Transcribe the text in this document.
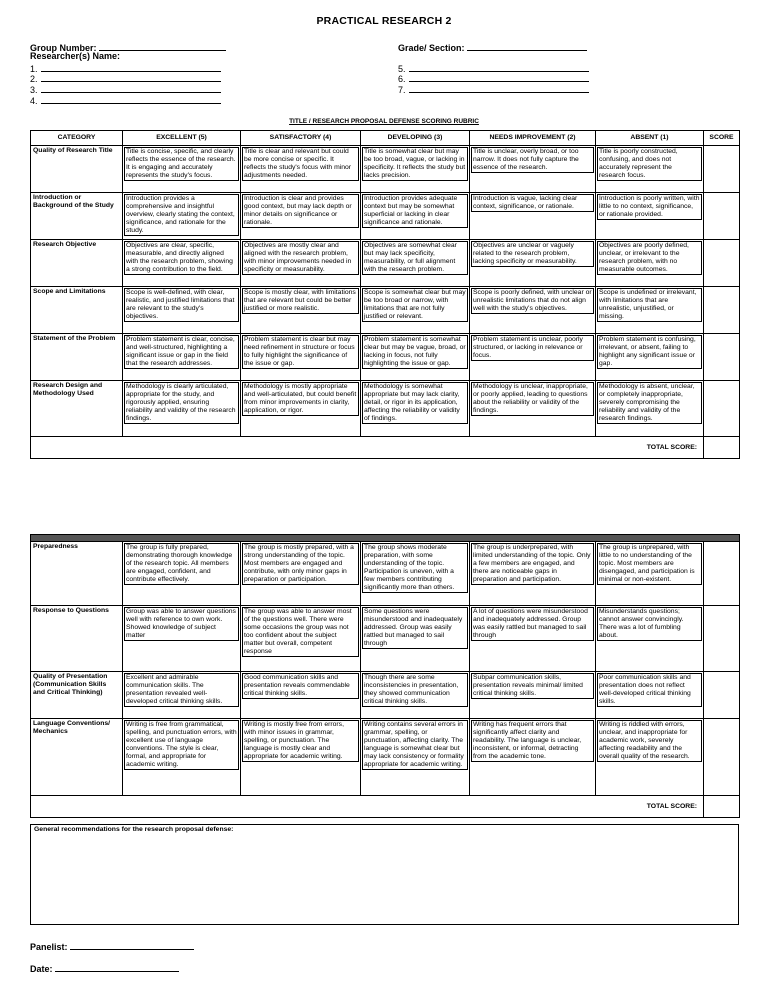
PRACTICAL RESEARCH 2
Group Number:	Grade/ Section:
Researcher(s) Name:
1.
2.
3.
4.
5.
6.
7.
TITLE / RESEARCH PROPOSAL DEFENSE SCORING RUBRIC
CATEGORY	EXCELLENT (5)	SATISFACTORY (4)	DEVELOPING (3)	NEEDS IMPROVEMENT (2)	ABSENT (1)	SCORE
Quality of Research Title	Title is concise, specific, and clearly reflects the essence of the research. It is engaging and accurately represents the study's focus.	Title is clear and relevant but could be more concise or specific. It reflects the study's focus with minor adjustments needed.	Title is somewhat clear but may be too broad, vague, or lacking in specificity. It reflects the study but lacks precision.	Title is unclear, overly broad, or too narrow. It does not fully capture the essence of the research.	Title is poorly constructed, confusing, and does not accurately represent the research focus.	

Introduction or Background of the Study	Introduction provides a comprehensive and insightful overview, clearly stating the context, significance, and rationale for the study.	Introduction is clear and provides good context, but may lack depth or minor details on significance or rationale.	Introduction provides adequate context but may be somewhat superficial or lacking in clear significance and rationale.	Introduction is vague, lacking clear context, significance, or rationale.	Introduction is poorly written, with little to no context, significance, or rationale provided.	

Research Objective	Objectives are clear, specific, measurable, and directly aligned with the research problem, showing a strong contribution to the field.	Objectives are mostly clear and aligned with the research problem, with minor improvements needed in specificity or measurability.	Objectives are somewhat clear but may lack specificity, measurability, or full alignment with the research problem.	Objectives are unclear or vaguely related to the research problem, lacking specificity or measurability.	Objectives are poorly defined, unclear, or irrelevant to the research problem, with no measurable outcomes.	

Scope and Limitations	Scope is well-defined, with clear, realistic, and justified limitations that are relevant to the study's objectives.	Scope is mostly clear, with limitations that are relevant but could be better justified or more realistic.	Scope is somewhat clear but may be too broad or narrow, with limitations that are not fully justified or relevant.	Scope is poorly defined, with unclear or unrealistic limitations that do not align well with the study's objectives.	Scope is undefined or irrelevant, with limitations that are unrealistic, unjustified, or missing.	

Statement of the Problem	Problem statement is clear, concise, and well-structured, highlighting a significant issue or gap in the field that the research addresses.	Problem statement is clear but may need refinement in structure or focus to fully highlight the significance of the issue or gap.	Problem statement is somewhat clear but may be vague, broad, or lacking in focus, not fully highlighting the issue or gap.	Problem statement is unclear, poorly structured, or lacking in relevance or focus.	Problem statement is confusing, irrelevant, or absent, failing to highlight any significant issue or gap.	

Research Design and Methodology Used	Methodology is clearly articulated, appropriate for the study, and rigorously applied, ensuring reliability and validity of the research findings.	Methodology is mostly appropriate and well-articulated, but could benefit from minor improvements in clarity, application, or rigor.	Methodology is somewhat appropriate but may lack clarity, detail, or rigor in its application, affecting the reliability or validity of findings.	Methodology is unclear, inappropriate, or poorly applied, leading to questions about the reliability or validity of the findings.	Methodology is absent, unclear, or completely inappropriate, severely compromising the reliability and validity of the research findings.	

TOTAL SCORE:						

Preparedness	The group is fully prepared, demonstrating thorough knowledge of the research topic. All members are engaged, confident, and contribute effectively.	The group is mostly prepared, with a strong understanding of the topic. Most members are engaged and contribute, with only minor gaps in preparation or participation.	The group shows moderate preparation, with some understanding of the topic. Participation is uneven, with a few members contributing significantly more than others.	The group is underprepared, with limited understanding of the topic. Only a few members are engaged, and there are noticeable gaps in preparation and participation.	The group is unprepared, with little to no understanding of the topic. Most members are disengaged, and participation is minimal or non-existent.	

Response to Questions	Group was able to answer questions well with reference to own work. Showed knowledge of subject matter	The group was able to answer most of the questions well. There were some occasions the group was not too confident about the subject matter but overall, competent response	Some questions were misunderstood and inadequately addressed. Group was easily rattled but managed to sail through	A lot of questions were misunderstood and inadequately addressed. Group was easily rattled but managed to sail through	Misunderstands questions; cannot answer convincingly. There was a lot of fumbling about.	

Quality of Presentation (Communication Skills and Critical Thinking)	Excellent and admirable communication skills. The presentation revealed well-developed critical thinking skills.	Good communication skills and presentation reveals commendable critical thinking skills.	Though there are some inconsistencies in presentation, they showed communication critical thinking skills.	Subpar communication skills, presentation reveals minimal/ limited critical thinking skills.	Poor communication skills and presentation does not reflect well-developed critical thinking skills.	

Language Conventions/ Mechanics	Writing is free from grammatical, spelling, and punctuation errors, with excellent use of language conventions. The style is clear, formal, and appropriate for academic writing.	Writing is mostly free from errors, with minor issues in grammar, spelling, or punctuation. The language is mostly clear and appropriate for academic writing.	Writing contains several errors in grammar, spelling, or punctuation, affecting clarity. The language is somewhat clear but may lack consistency or formality appropriate for academic writing.	Writing has frequent errors that significantly affect clarity and readability. The language is unclear, inconsistent, or informal, detracting from the academic tone.	Writing is riddled with errors, unclear, and inappropriate for academic work, severely affecting readability and the overall quality of the research.	

TOTAL SCORE:						
General recommendations for the research proposal defense:
Panelist:
Date:
